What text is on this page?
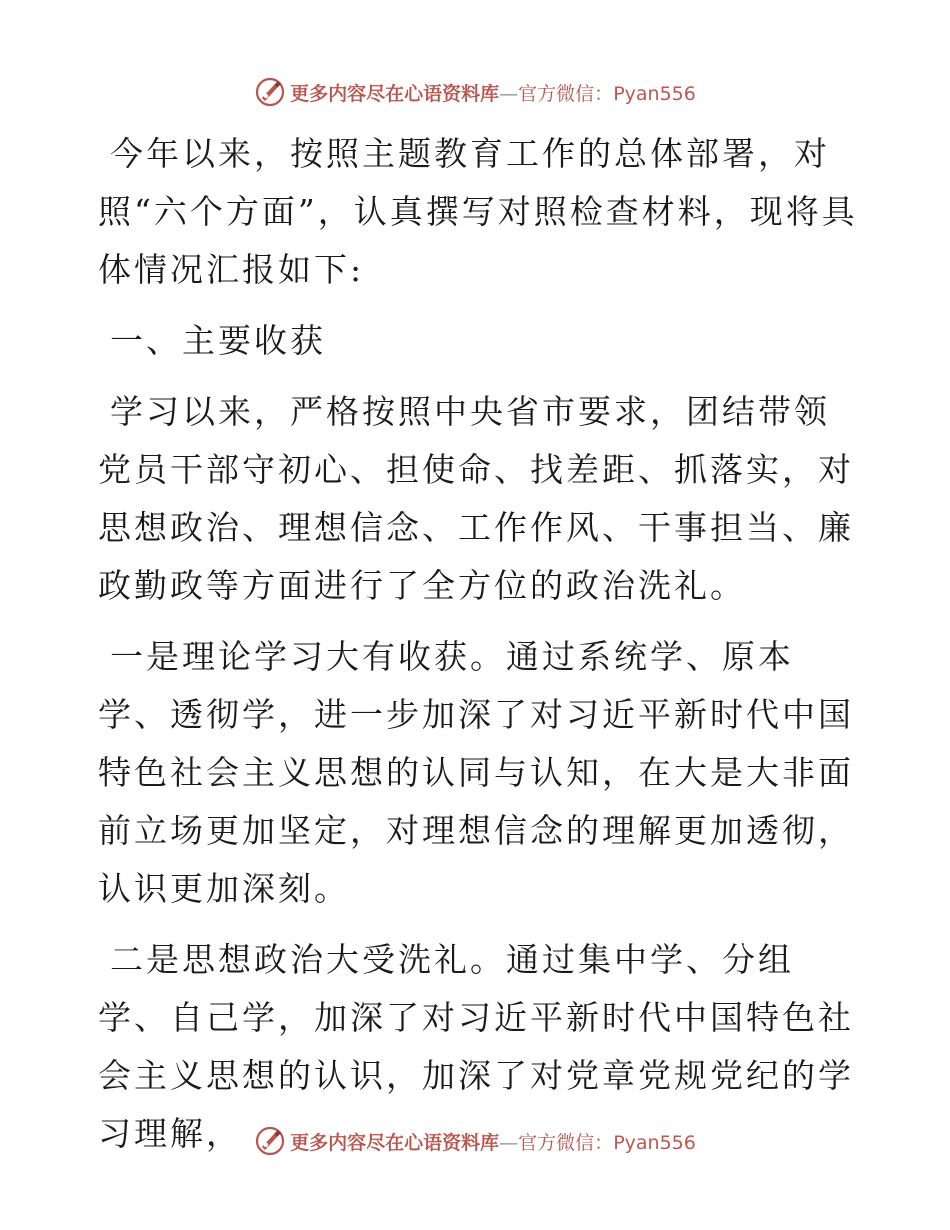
更多内容尽在心语资料库—官方微信：Pyan556

今年以来，按照主题教育工作的总体部署，对照“六个方面”，认真撰写对照检查材料，现将具体情况汇报如下:

一、主要收获

学习以来，严格按照中央省市要求，团结带领党员干部守初心、担使命、找差距、抓落实，对思想政治、理想信念、工作作风、干事担当、廉政勤政等方面进行了全方位的政治洗礼。

一是理论学习大有收获。通过系统学、原本学、透彻学，进一步加深了对习近平新时代中国特色社会主义思想的认同与认知，在大是大非面前立场更加坚定，对理想信念的理解更加透彻，认识更加深刻。

二是思想政治大受洗礼。通过集中学、分组学、自己学，加深了对习近平新时代中国特色社会主义思想的认识，加深了对党章党规党纪的学习理解，	更多内容尽在心语资料库—官方微信：Pyan556
